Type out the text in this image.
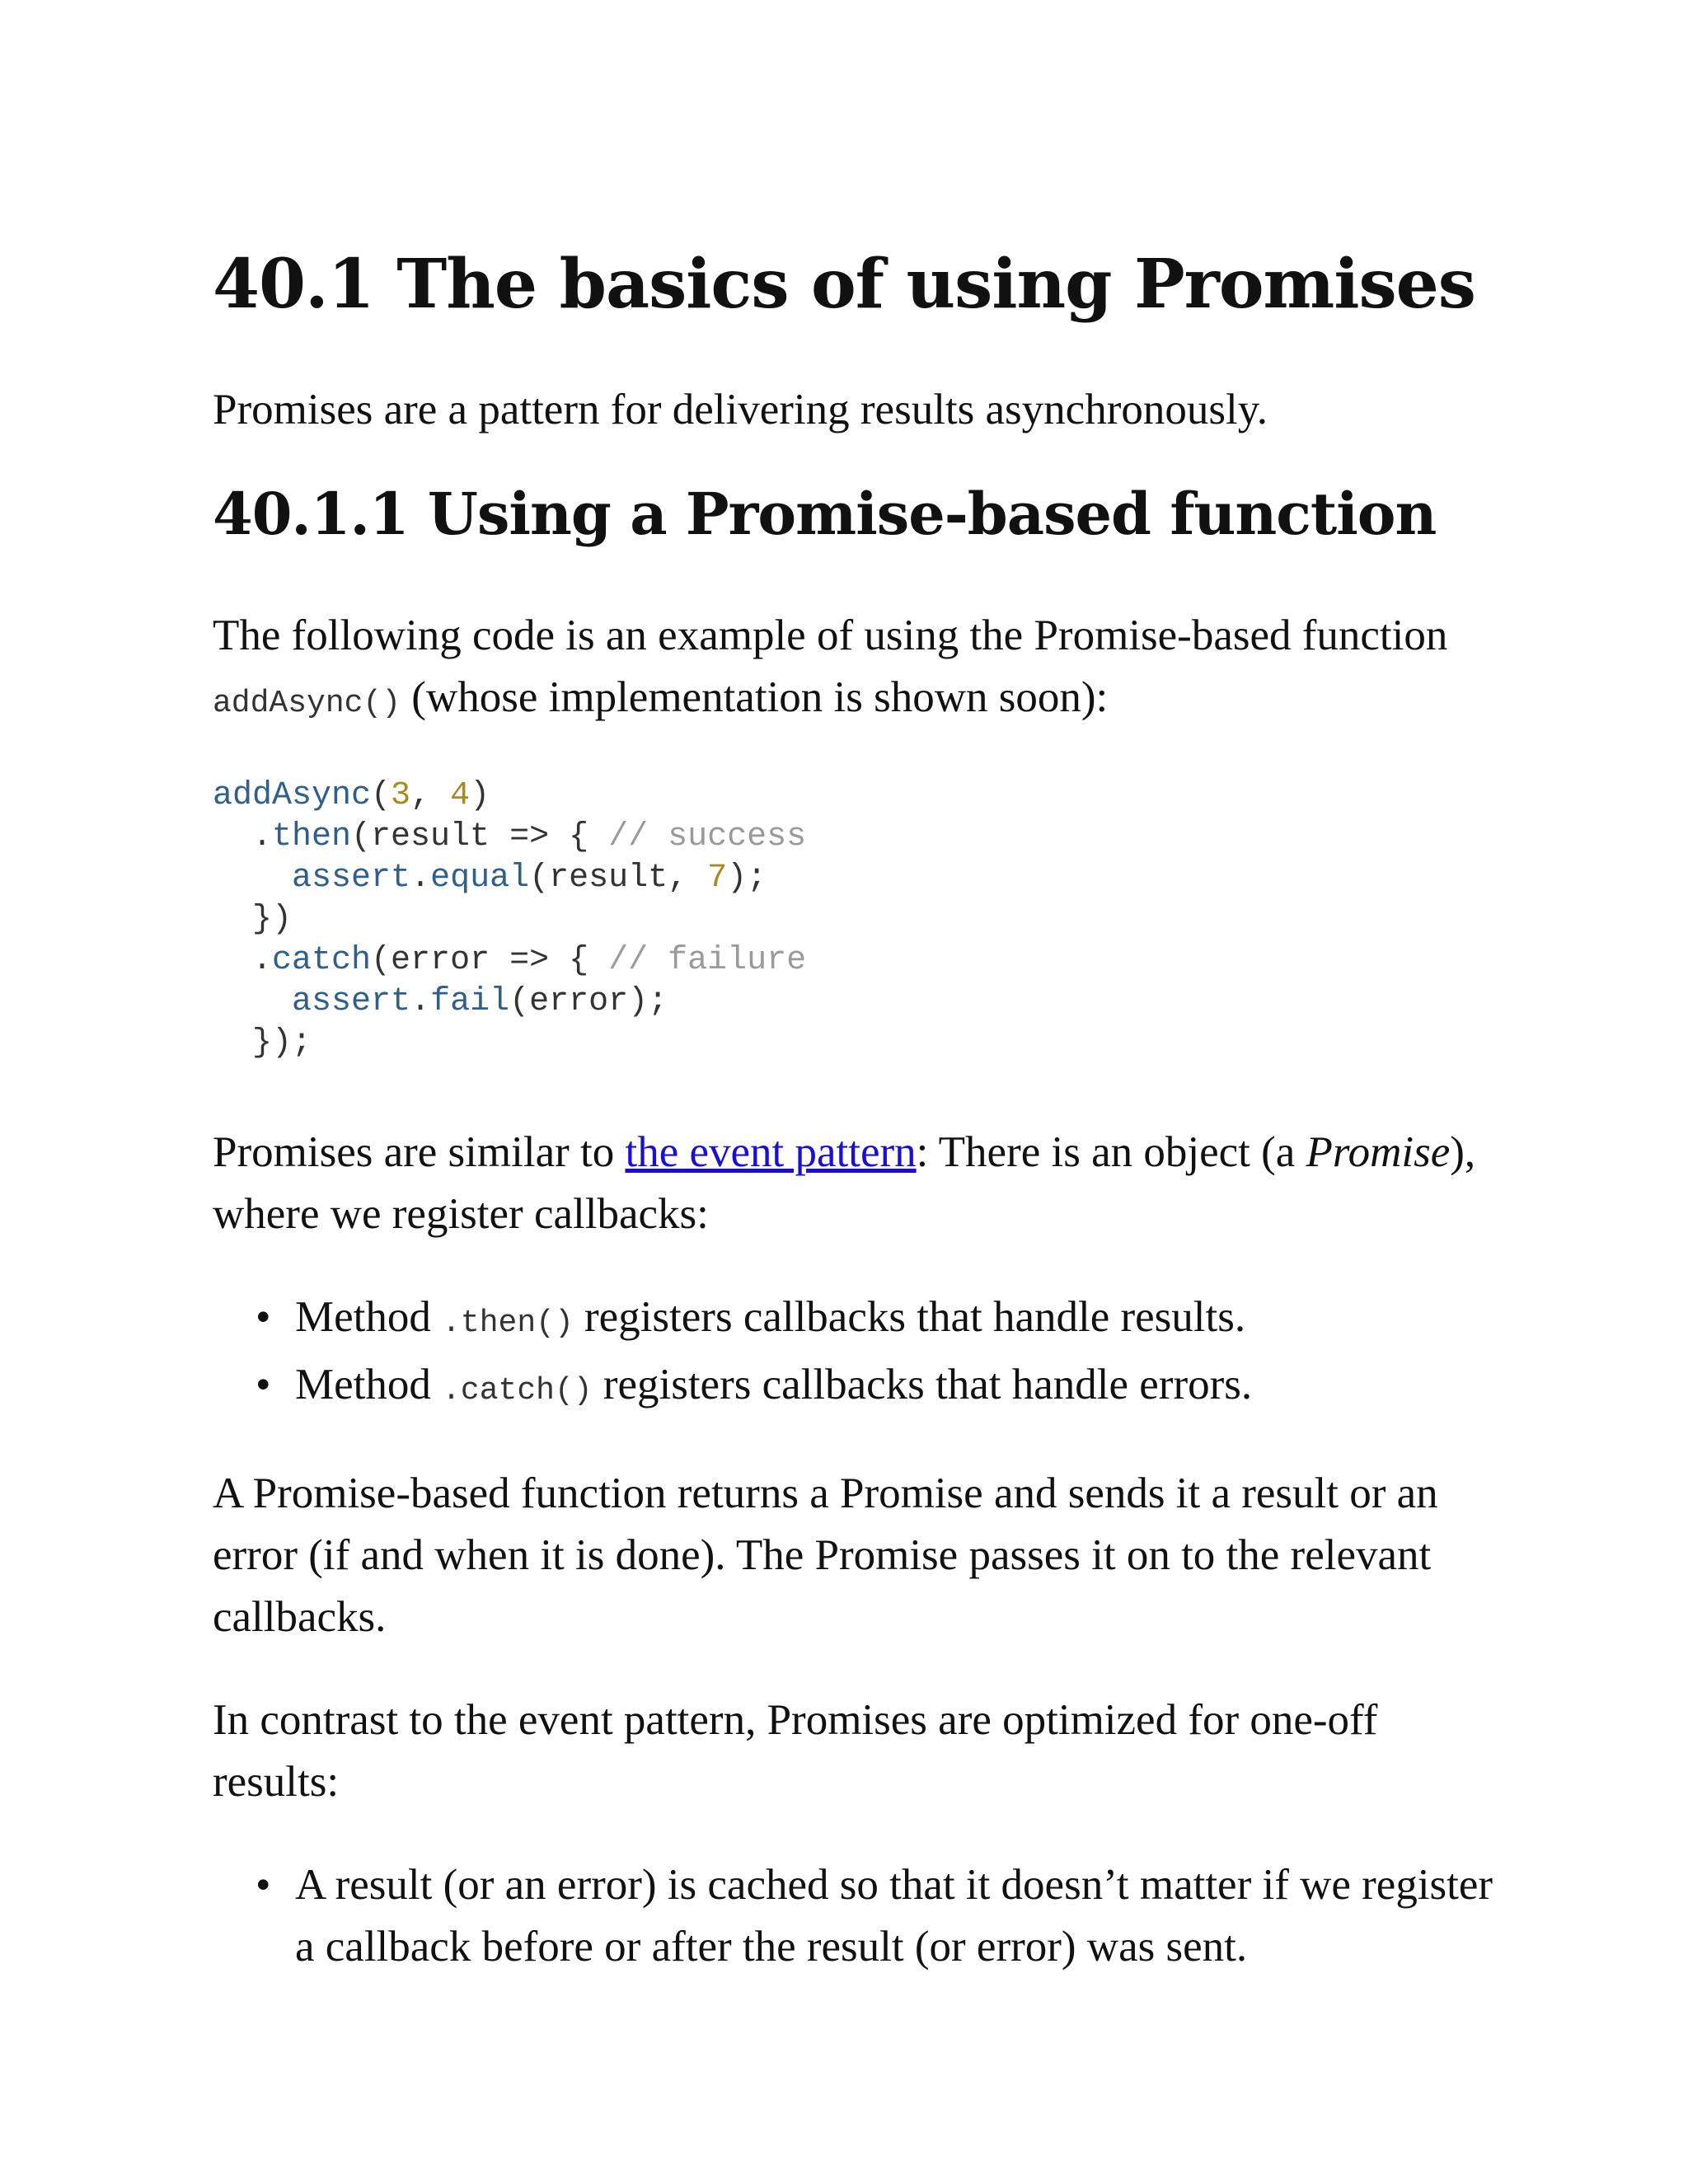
40.1 The basics of using Promises

Promises are a pattern for delivering results asynchronously.

40.1.1 Using a Promise-based function

The following code is an example of using the Promise-based function addAsync() (whose implementation is shown soon):

addAsync(3, 4)
.then(result => { // success
assert.equal(result, 7);
})
.catch(error => { // failure
assert.fail(error);
});

Promises are similar to the event pattern: There is an object (a Promise), where we register callbacks:

• Method .then() registers callbacks that handle results.
• Method .catch() registers callbacks that handle errors.

A Promise-based function returns a Promise and sends it a result or an error (if and when it is done). The Promise passes it on to the relevant callbacks.

In contrast to the event pattern, Promises are optimized for one-off results:

• A result (or an error) is cached so that it doesn’t matter if we register a callback before or after the result (or error) was sent.
